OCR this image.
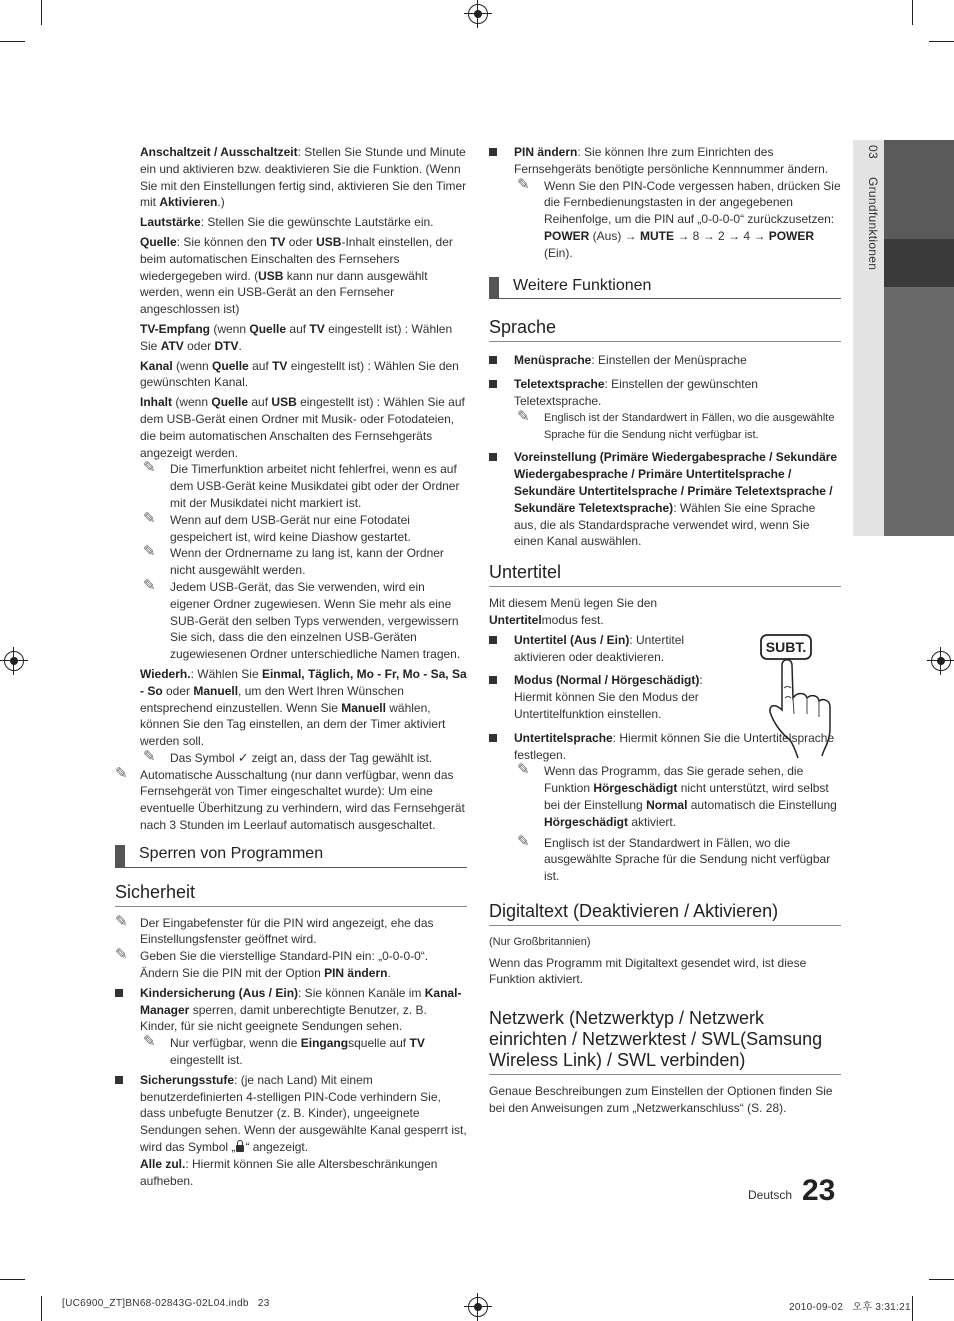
03 Grundfunktionen

Anschaltzeit / Ausschaltzeit: Stellen Sie Stunde und Minute ein und aktivieren bzw. deaktivieren Sie die Funktion. (Wenn Sie mit den Einstellungen fertig sind, aktivieren Sie den Timer mit Aktivieren.)

Lautstärke: Stellen Sie die gewünschte Lautstärke ein.

Quelle: Sie können den TV oder USB-Inhalt einstellen, der beim automatischen Einschalten des Fernsehers wiedergegeben wird. (USB kann nur dann ausgewählt werden, wenn ein USB-Gerät an den Fernseher angeschlossen ist)

TV-Empfang (wenn Quelle auf TV eingestellt ist) : Wählen Sie ATV oder DTV.

Kanal (wenn Quelle auf TV eingestellt ist) : Wählen Sie den gewünschten Kanal.

Inhalt (wenn Quelle auf USB eingestellt ist) : Wählen Sie auf dem USB-Gerät einen Ordner mit Musik- oder Fotodateien, die beim automatischen Anschalten des Fernsehgeräts angezeigt werden.

✎ Die Timerfunktion arbeitet nicht fehlerfrei, wenn es auf dem USB-Gerät keine Musikdatei gibt oder der Ordner mit der Musikdatei nicht markiert ist.
✎ Wenn auf dem USB-Gerät nur eine Fotodatei gespeichert ist, wird keine Diashow gestartet.
✎ Wenn der Ordnername zu lang ist, kann der Ordner nicht ausgewählt werden.
✎ Jedem USB-Gerät, das Sie verwenden, wird ein eigener Ordner zugewiesen. Wenn Sie mehr als eine SUB-Gerät den selben Typs verwenden, vergewissern Sie sich, dass die den einzelnen USB-Geräten zugewiesenen Ordner unterschiedliche Namen tragen.

Wiederh.: Wählen Sie Einmal, Täglich, Mo - Fr, Mo - Sa, Sa - So oder Manuell, um den Wert Ihren Wünschen entsprechend einzustellen. Wenn Sie Manuell wählen, können Sie den Tag einstellen, an dem der Timer aktiviert werden soll.

✎ Das Symbol ✓ zeigt an, dass der Tag gewählt ist.
✎ Automatische Ausschaltung (nur dann verfügbar, wenn das Fernsehgerät von Timer eingeschaltet wurde): Um eine eventuelle Überhitzung zu verhindern, wird das Fernsehgerät nach 3 Stunden im Leerlauf automatisch ausgeschaltet.
Sperren von Programmen
Sicherheit
✎ Der Eingabefenster für die PIN wird angezeigt, ehe das Einstellungsfenster geöffnet wird.
✎ Geben Sie die vierstellige Standard-PIN ein: „0-0-0-0“. Ändern Sie die PIN mit der Option PIN ändern.
Kindersicherung (Aus / Ein): Sie können Kanäle im Kanal-Manager sperren, damit unberechtigte Benutzer, z. B. Kinder, für sie nicht geeignete Sendungen sehen.
✎ Nur verfügbar, wenn die Eingangsquelle auf TV eingestellt ist.
Sicherungsstufe: (je nach Land) Mit einem benutzerdefinierten 4-stelligen PIN-Code verhindern Sie, dass unbefugte Benutzer (z. B. Kinder), ungeeignete Sendungen sehen. Wenn der ausgewählte Kanal gesperrt ist, wird das Symbol „ “ angezeigt.
Alle zul.: Hiermit können Sie alle Altersbeschränkungen aufheben.
PIN ändern: Sie können Ihre zum Einrichten des Fernsehgeräts benötigte persönliche Kennnummer ändern.
✎ Wenn Sie den PIN-Code vergessen haben, drücken Sie die Fernbedienungstasten in der angegebenen Reihenfolge, um die PIN auf „0-0-0-0“ zurückzusetzen: POWER (Aus) → MUTE → 8 → 2 → 4 → POWER (Ein).
Weitere Funktionen
Sprache
Menüsprache: Einstellen der Menüsprache
Teletextsprache: Einstellen der gewünschten Teletextsprache.
✎ Englisch ist der Standardwert in Fällen, wo die ausgewählte Sprache für die Sendung nicht verfügbar ist.
Voreinstellung (Primäre Wiedergabesprache / Sekundäre Wiedergabesprache / Primäre Untertitelsprache / Sekundäre Untertitelsprache / Primäre Teletextsprache / Sekundäre Teletextsprache): Wählen Sie eine Sprache aus, die als Standardsprache verwendet wird, wenn Sie einen Kanal auswählen.
Untertitel
Mit diesem Menü legen Sie den Untertitelmodus fest.
Untertitel (Aus / Ein): Untertitel aktivieren oder deaktivieren.
Modus (Normal / Hörgeschädigt): Hiermit können Sie den Modus der Untertitelfunktion einstellen.
Untertitelsprache: Hiermit können Sie die Untertitelsprache festlegen.
✎ Wenn das Programm, das Sie gerade sehen, die Funktion Hörgeschädigt nicht unterstützt, wird selbst bei der Einstellung Normal automatisch die Einstellung Hörgeschädigt aktiviert.
✎ Englisch ist der Standardwert in Fällen, wo die ausgewählte Sprache für die Sendung nicht verfügbar ist.
Digitaltext (Deaktivieren / Aktivieren)

(Nur Großbritannien)

Wenn das Programm mit Digitaltext gesendet wird, ist diese Funktion aktiviert.

Netzwerk (Netzwerktyp / Netzwerk einrichten / Netzwerktest / SWL(Samsung Wireless Link) / SWL verbinden)

Genaue Beschreibungen zum Einstellen der Optionen finden Sie bei den Anweisungen zum „Netzwerkanschluss“ (S. 28).

SUBT.
Deutsch 23
[UC6900_ZT]BN68-02843G-02L04.indb   23	2010-09-02   오후 3:31:21
